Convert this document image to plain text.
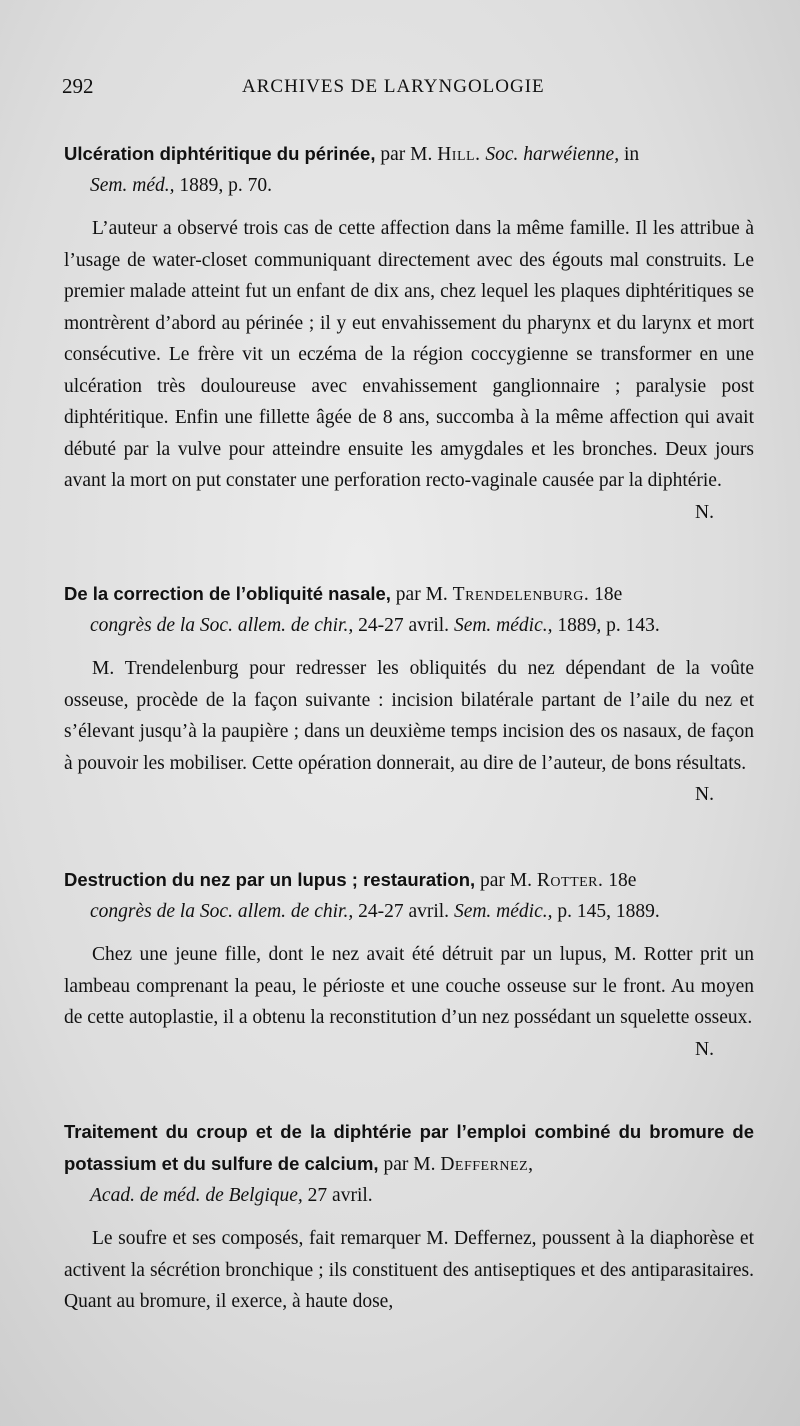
292	ARCHIVES DE LARYNGOLOGIE
Ulcération diphtéritique du périnée, par M. Hill. Soc. harwéienne, in
Sem. méd., 1889, p. 70.

L’auteur a observé trois cas de cette affection dans la même famille. Il les attribue à l’usage de water-closet communiquant directement avec des égouts mal construits. Le premier malade atteint fut un enfant de dix ans, chez lequel les plaques diphtéritiques se montrèrent d’abord au périnée ; il y eut envahissement du pharynx et du larynx et mort consécutive. Le frère vit un eczéma de la région coccygienne se transformer en une ulcération très douloureuse avec envahissement ganglionnaire ; paralysie post diphtéritique. Enfin une fillette âgée de 8 ans, succomba à la même affection qui avait débuté par la vulve pour atteindre ensuite les amygdales et les bronches. Deux jours avant la mort on put constater une perforation recto-vaginale causée par la diphtérie.
N.

De la correction de l’obliquité nasale, par M. Trendelenburg. 18e
congrès de la Soc. allem. de chir., 24-27 avril. Sem. médic., 1889, p. 143.

M. Trendelenburg pour redresser les obliquités du nez dépendant de la voûte osseuse, procède de la façon suivante : incision bilatérale partant de l’aile du nez et s’élevant jusqu’à la paupière ; dans un deuxième temps incision des os nasaux, de façon à pouvoir les mobiliser. Cette opération donnerait, au dire de l’auteur, de bons résultats.
N.

Destruction du nez par un lupus ; restauration, par M. Rotter. 18e
congrès de la Soc. allem. de chir., 24-27 avril. Sem. médic., p. 145, 1889.

Chez une jeune fille, dont le nez avait été détruit par un lupus, M. Rotter prit un lambeau comprenant la peau, le périoste et une couche osseuse sur le front. Au moyen de cette autoplastie, il a obtenu la reconstitution d’un nez possédant un squelette osseux.
N.

Traitement du croup et de la diphtérie par l’emploi combiné du bromure de potassium et du sulfure de calcium, par M. Deffernez,
Acad. de méd. de Belgique, 27 avril.

Le soufre et ses composés, fait remarquer M. Deffernez, poussent à la diaphorèse et activent la sécrétion bronchique ; ils constituent des antiseptiques et des antiparasitaires. Quant au bromure, il exerce, à haute dose,
